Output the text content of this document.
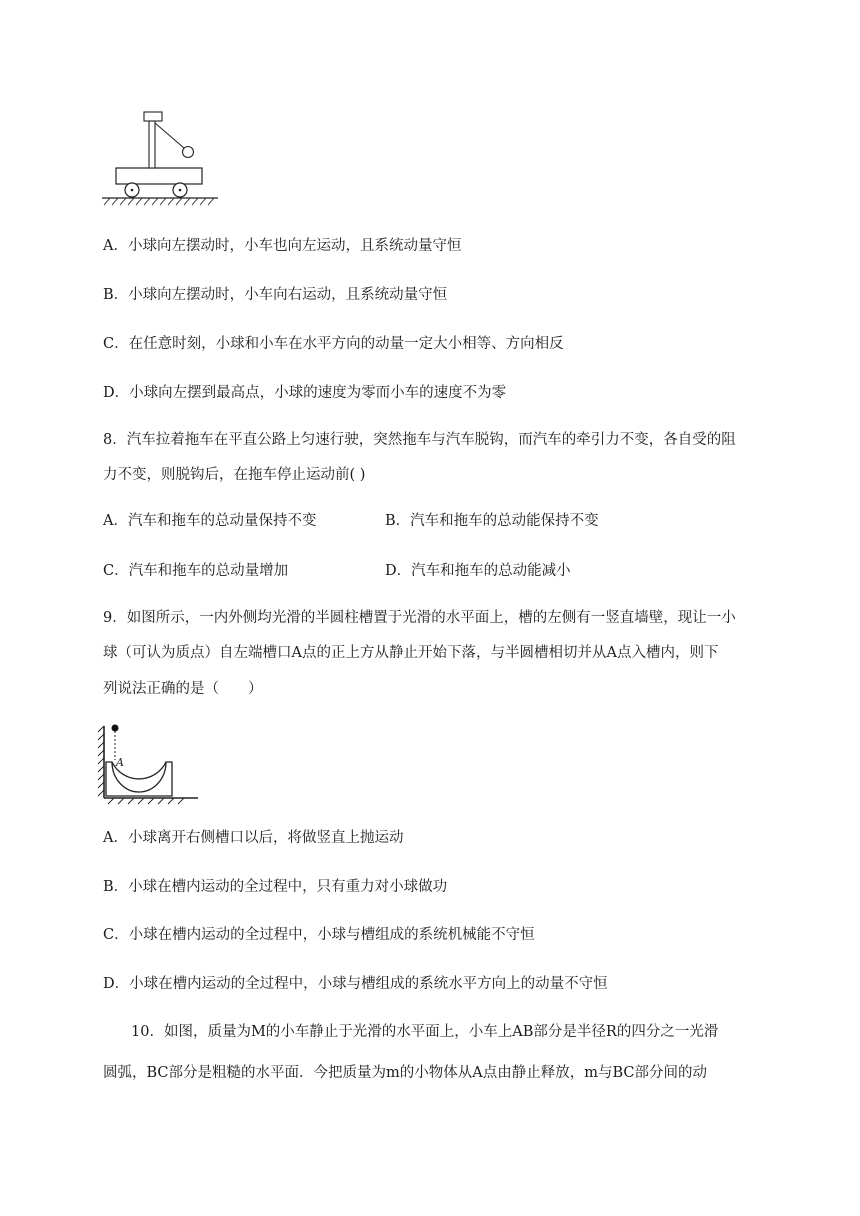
A．小球向左摆动时，小车也向左运动，且系统动量守恒
B．小球向左摆动时，小车向右运动，且系统动量守恒
C．在任意时刻，小球和小车在水平方向的动量一定大小相等、方向相反
D．小球向左摆到最高点，小球的速度为零而小车的速度不为零
8．汽车拉着拖车在平直公路上匀速行驶，突然拖车与汽车脱钩，而汽车的牵引力不变，各自受的阻
力不变，则脱钩后，在拖车停止运动前( )
A．汽车和拖车的总动量保持不变	B．汽车和拖车的总动能保持不变
C．汽车和拖车的总动量增加	D．汽车和拖车的总动能减小
9．如图所示，一内外侧均光滑的半圆柱槽置于光滑的水平面上，槽的左侧有一竖直墙壁，现让一小
球（可认为质点）自左端槽口A点的正上方从静止开始下落，与半圆槽相切并从A点入槽内，则下
列说法正确的是（　　）
A
A．小球离开右侧槽口以后，将做竖直上抛运动
B．小球在槽内运动的全过程中，只有重力对小球做功
C．小球在槽内运动的全过程中，小球与槽组成的系统机械能不守恒
D．小球在槽内运动的全过程中，小球与槽组成的系统水平方向上的动量不守恒
10．如图，质量为M的小车静止于光滑的水平面上，小车上AB部分是半径R的四分之一光滑
圆弧，BC部分是粗糙的水平面．今把质量为m的小物体从A点由静止释放，m与BC部分间的动
